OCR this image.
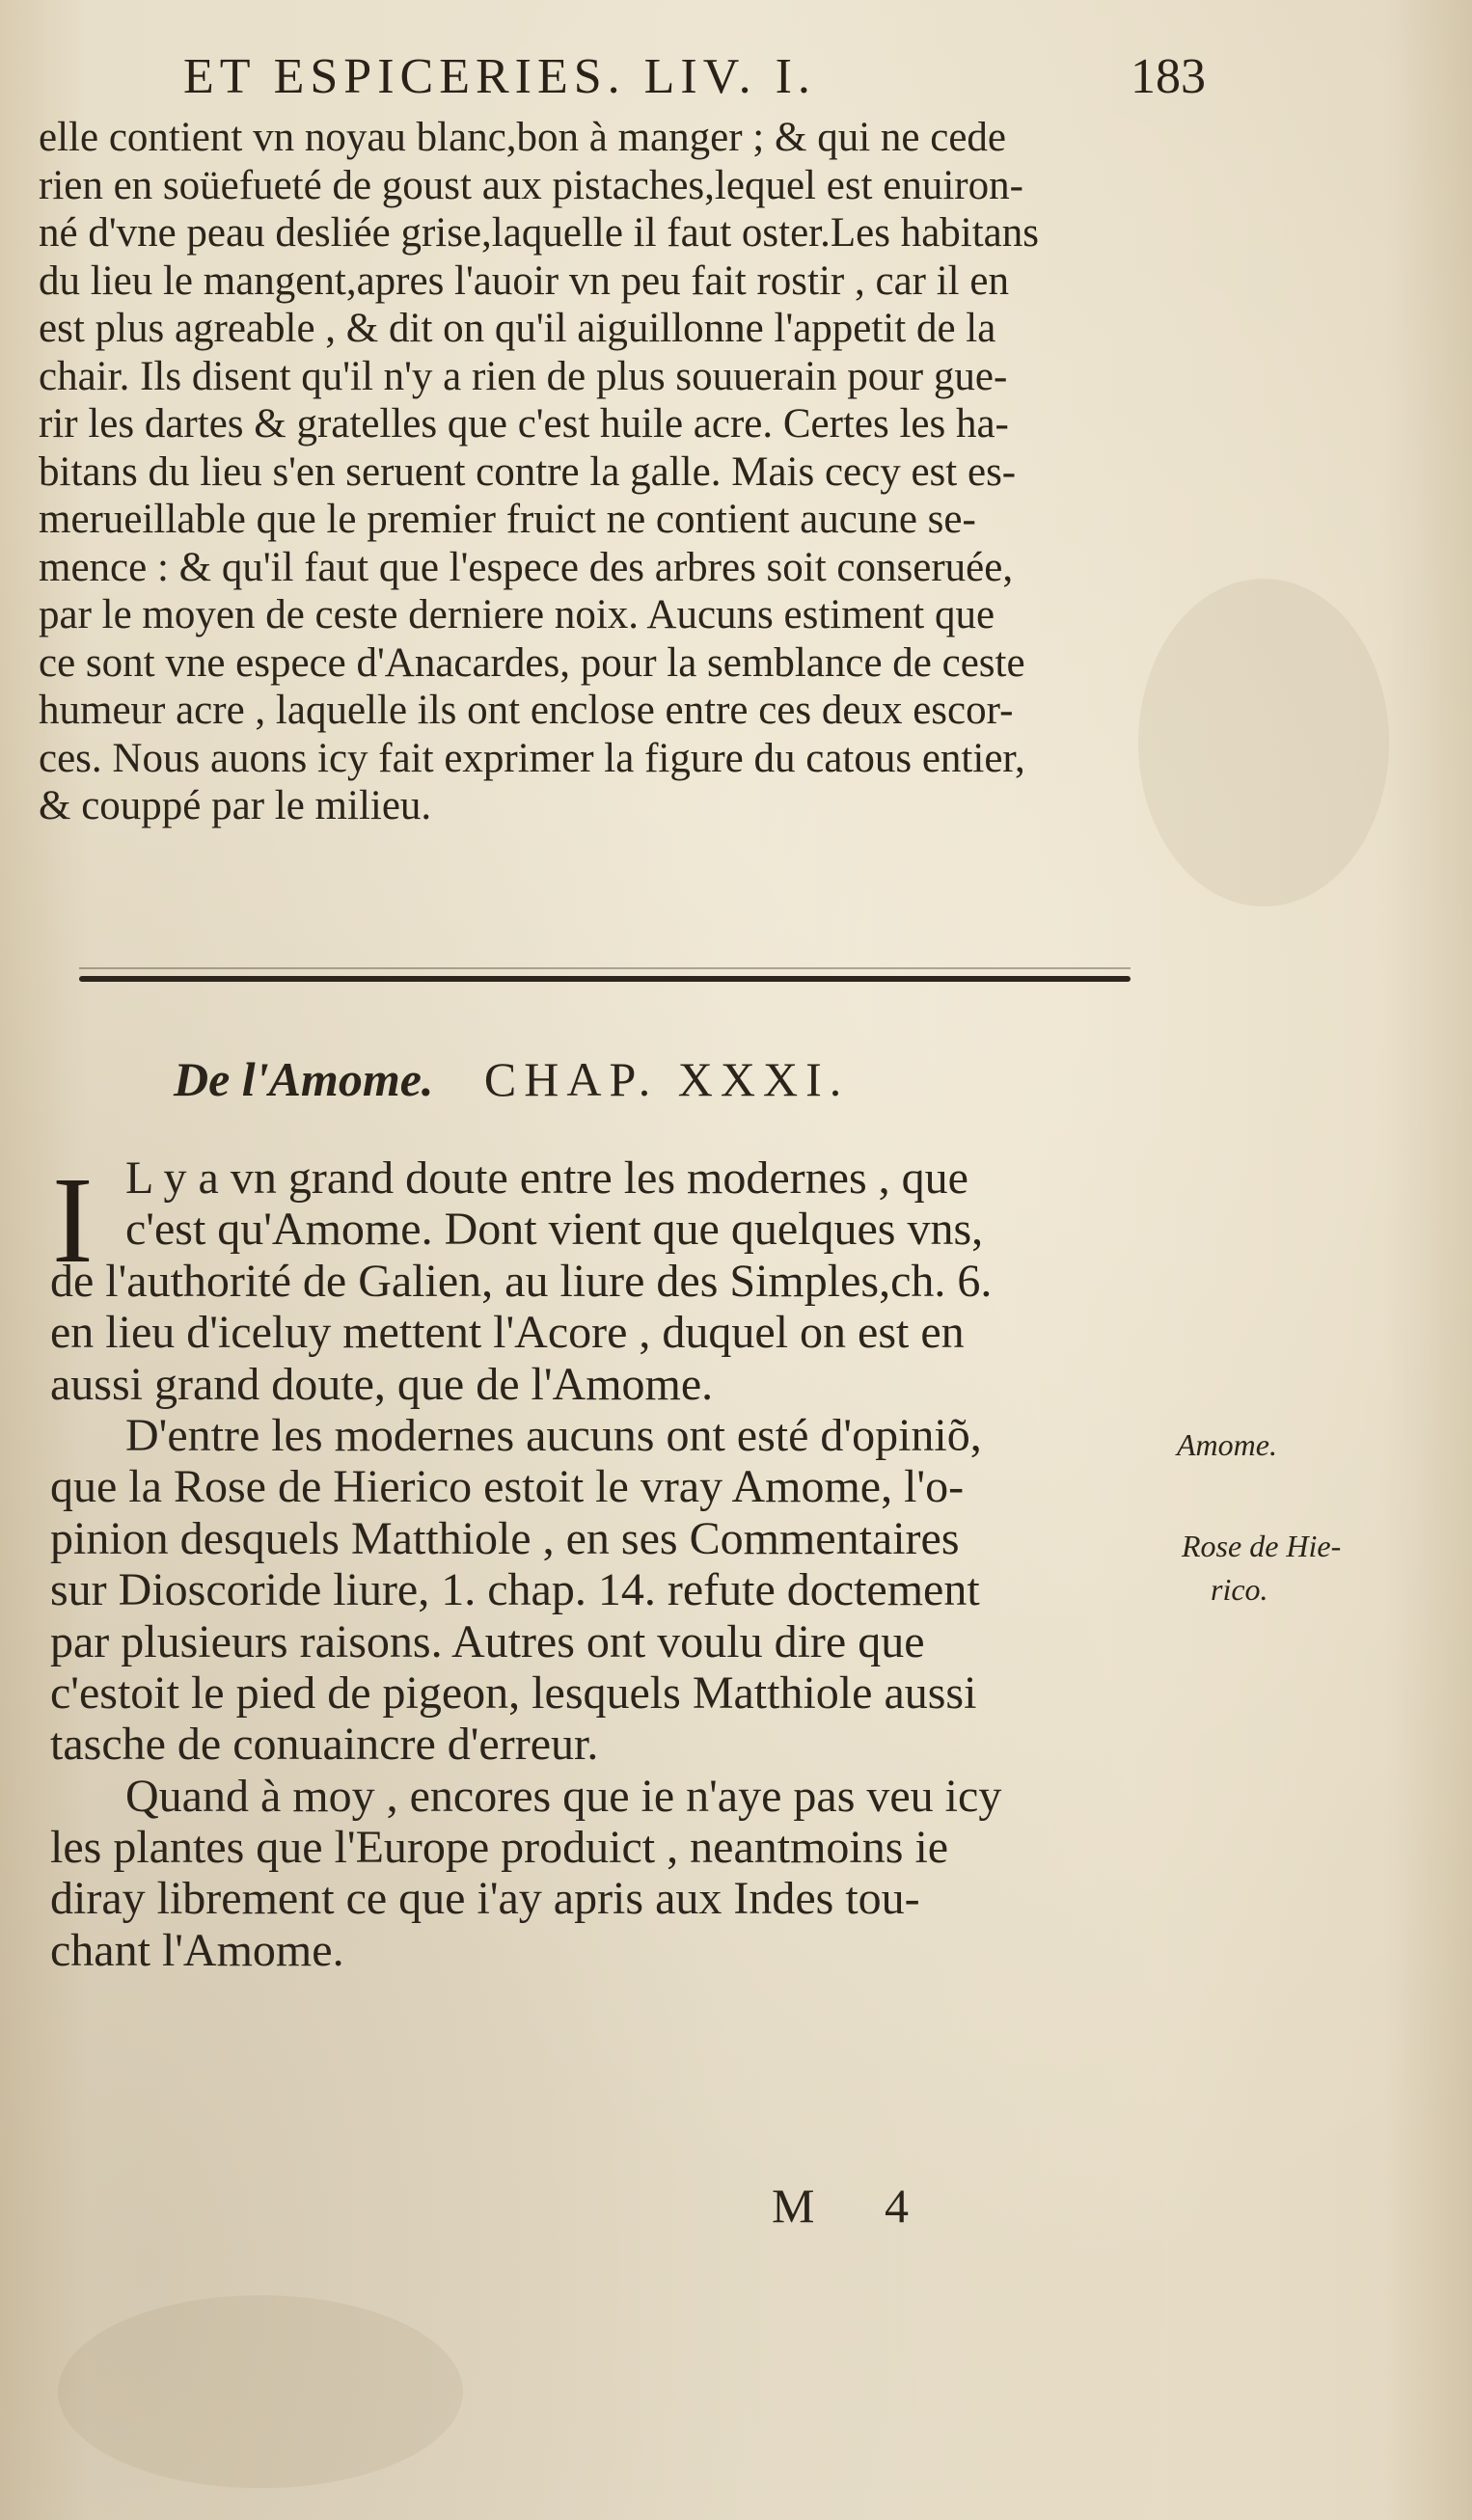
ET ESPICERIES. LIV. I.	183
elle contient vn noyau blanc,bon à manger ; & qui ne cede
rien en soüefueté de goust aux pistaches,lequel est enuiron-
né d'vne peau desliée grise,laquelle il faut oster.Les habitans
du lieu le mangent,apres l'auoir vn peu fait rostir , car il en
est plus agreable , & dit on qu'il aiguillonne l'appetit de la
chair. Ils disent qu'il n'y a rien de plus souuerain pour gue-
rir les dartes & gratelles que c'est huile acre. Certes les ha-
bitans du lieu s'en seruent contre la galle. Mais cecy est es-
merueillable que le premier fruict ne contient aucune se-
mence : & qu'il faut que l'espece des arbres soit conseruée,
par le moyen de ceste derniere noix. Aucuns estiment que
ce sont vne espece d'Anacardes, pour la semblance de ceste
humeur acre , laquelle ils ont enclose entre ces deux escor-
ces. Nous auons icy fait exprimer la figure du catous entier,
& couppé par le milieu.
De l'Amome. CHAP. XXXI.
I L y a vn grand doute entre les modernes , que
c'est qu'Amome. Dont vient que quelques vns,
de l'authorité de Galien, au liure des Simples,ch. 6.
en lieu d'iceluy mettent l'Acore , duquel on est en
aussi grand doute, que de l'Amome.
D'entre les modernes aucuns ont esté d'opiniõ,
que la Rose de Hierico estoit le vray Amome, l'o-
pinion desquels Matthiole , en ses Commentaires
sur Dioscoride liure, 1. chap. 14. refute doctement
par plusieurs raisons. Autres ont voulu dire que
c'estoit le pied de pigeon, lesquels Matthiole aussi
tasche de conuaincre d'erreur.
Quand à moy , encores que ie n'aye pas veu icy
les plantes que l'Europe produict , neantmoins ie
diray librement ce que i'ay apris aux Indes tou-
chant l'Amome.
Amome.
Rose de Hie-
rico.
M 4
